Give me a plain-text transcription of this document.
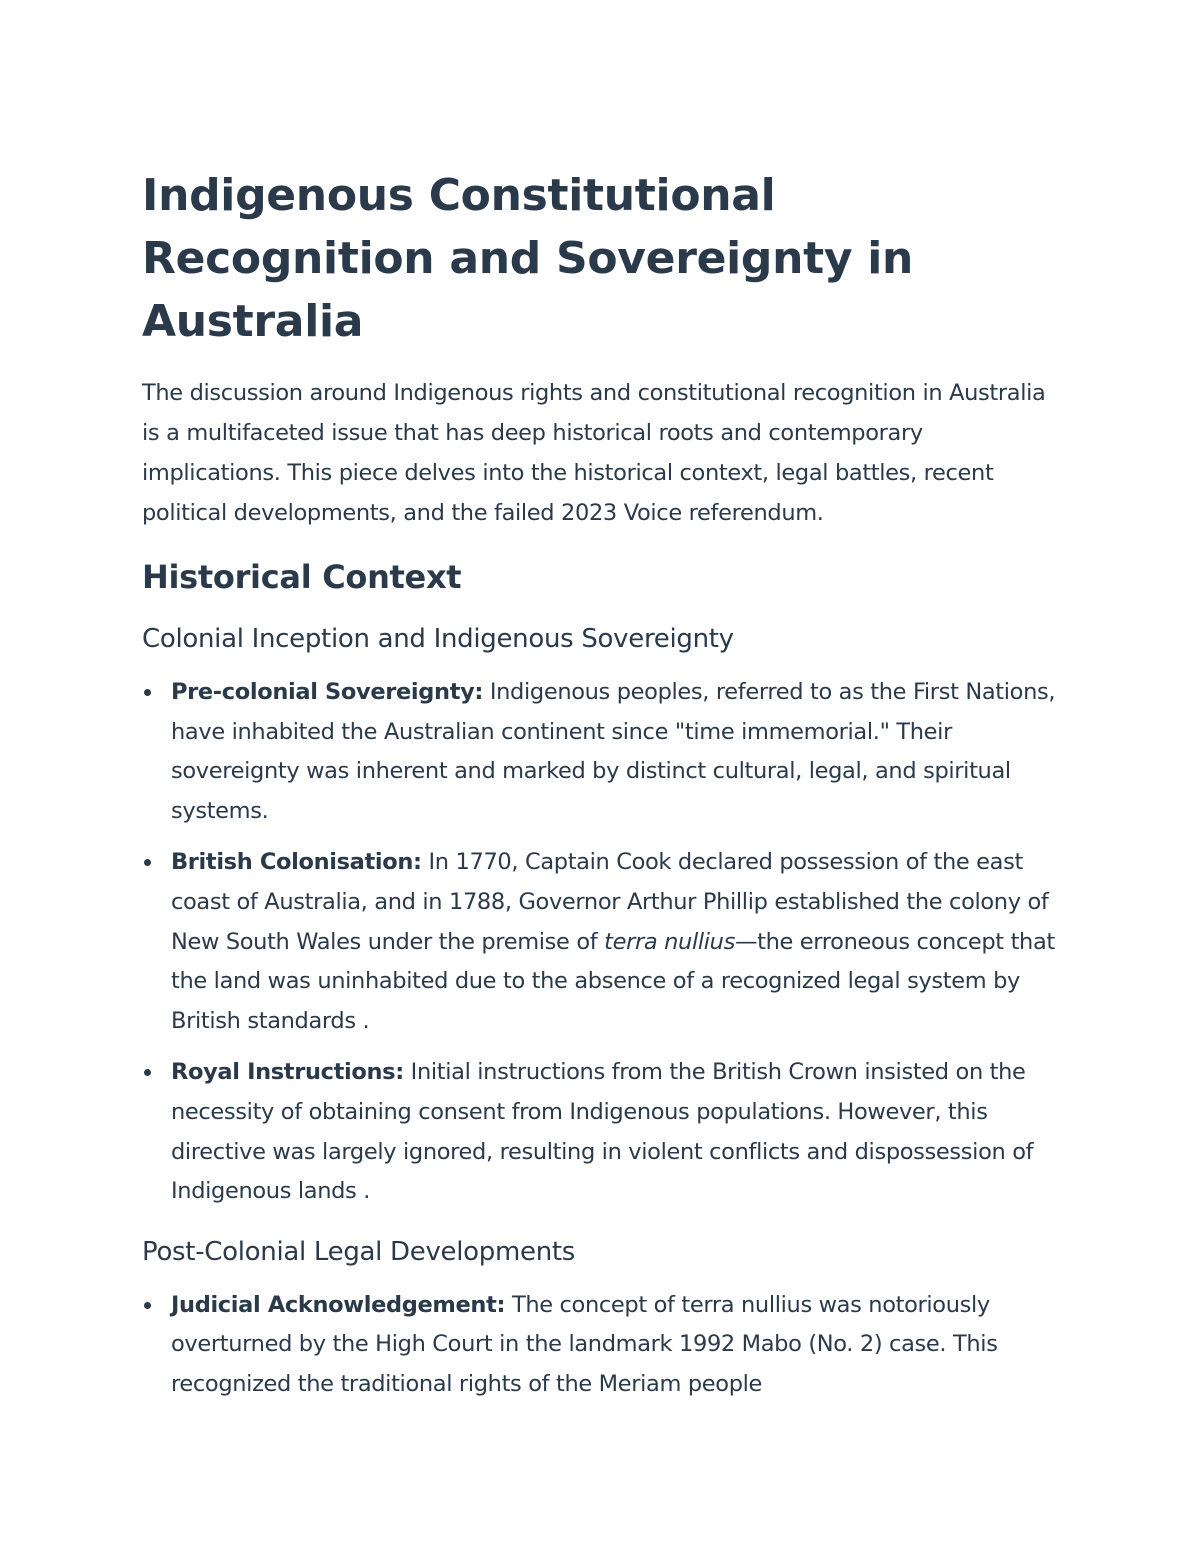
Indigenous Constitutional Recognition and Sovereignty in Australia

The discussion around Indigenous rights and constitutional recognition in Australia is a multifaceted issue that has deep historical roots and contemporary implications. This piece delves into the historical context, legal battles, recent political developments, and the failed 2023 Voice referendum.

Historical Context
Colonial Inception and Indigenous Sovereignty
Pre-colonial Sovereignty: Indigenous peoples, referred to as the First Nations, have inhabited the Australian continent since "time immemorial." Their sovereignty was inherent and marked by distinct cultural, legal, and spiritual systems.
British Colonisation: In 1770, Captain Cook declared possession of the east coast of Australia, and in 1788, Governor Arthur Phillip established the colony of New South Wales under the premise of terra nullius—the erroneous concept that the land was uninhabited due to the absence of a recognized legal system by British standards .
Royal Instructions: Initial instructions from the British Crown insisted on the necessity of obtaining consent from Indigenous populations. However, this directive was largely ignored, resulting in violent conflicts and dispossession of Indigenous lands .
Post-Colonial Legal Developments
Judicial Acknowledgement: The concept of terra nullius was notoriously overturned by the High Court in the landmark 1992 Mabo (No. 2) case. This recognized the traditional rights of the Meriam people
